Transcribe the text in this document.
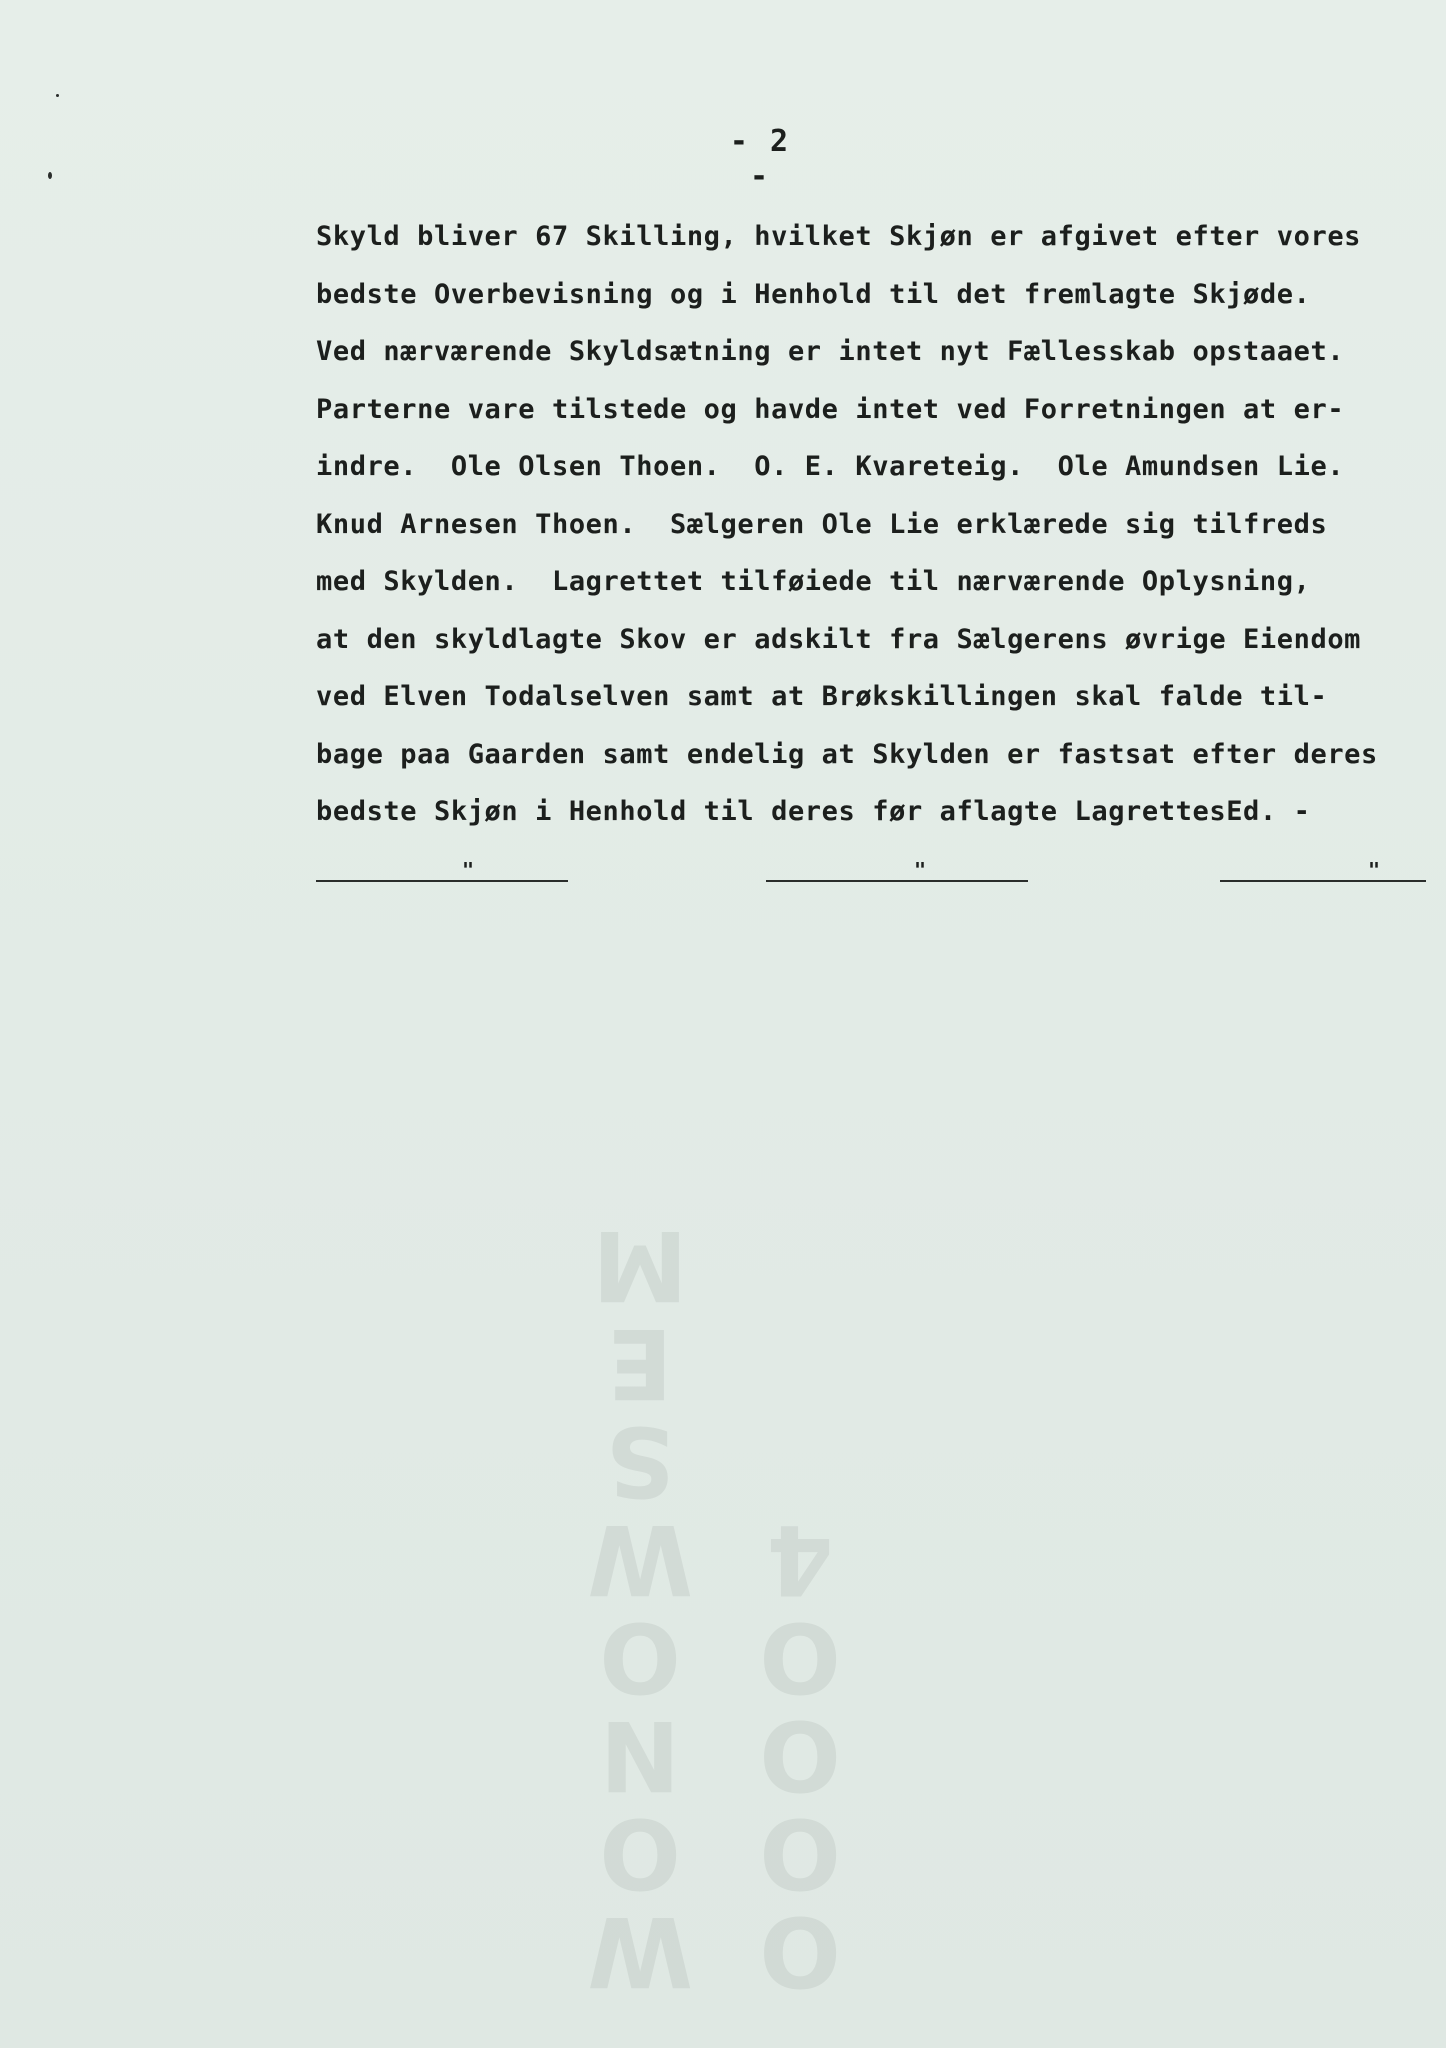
W
O
N
O
W
S
E
M
O
O
O
O
4
- 2 -
Skyld bliver 67 Skilling, hvilket Skjøn er afgivet efter vores
bedste Overbevisning og i Henhold til det fremlagte Skjøde.
Ved nærværende Skyldsætning er intet nyt Fællesskab opstaaet.
Parterne vare tilstede og havde intet ved Forretningen at er-
indre.  Ole Olsen Thoen.  O. E. Kvareteig.  Ole Amundsen Lie.
Knud Arnesen Thoen.  Sælgeren Ole Lie erklærede sig tilfreds
med Skylden.  Lagrettet tilføiede til nærværende Oplysning,
at den skyldlagte Skov er adskilt fra Sælgerens øvrige Eiendom
ved Elven Todalselven samt at Brøkskillingen skal falde til-
bage paa Gaarden samt endelig at Skylden er fastsat efter deres
bedste Skjøn i Henhold til deres før aflagte LagrettesEd. -
"	"	"
